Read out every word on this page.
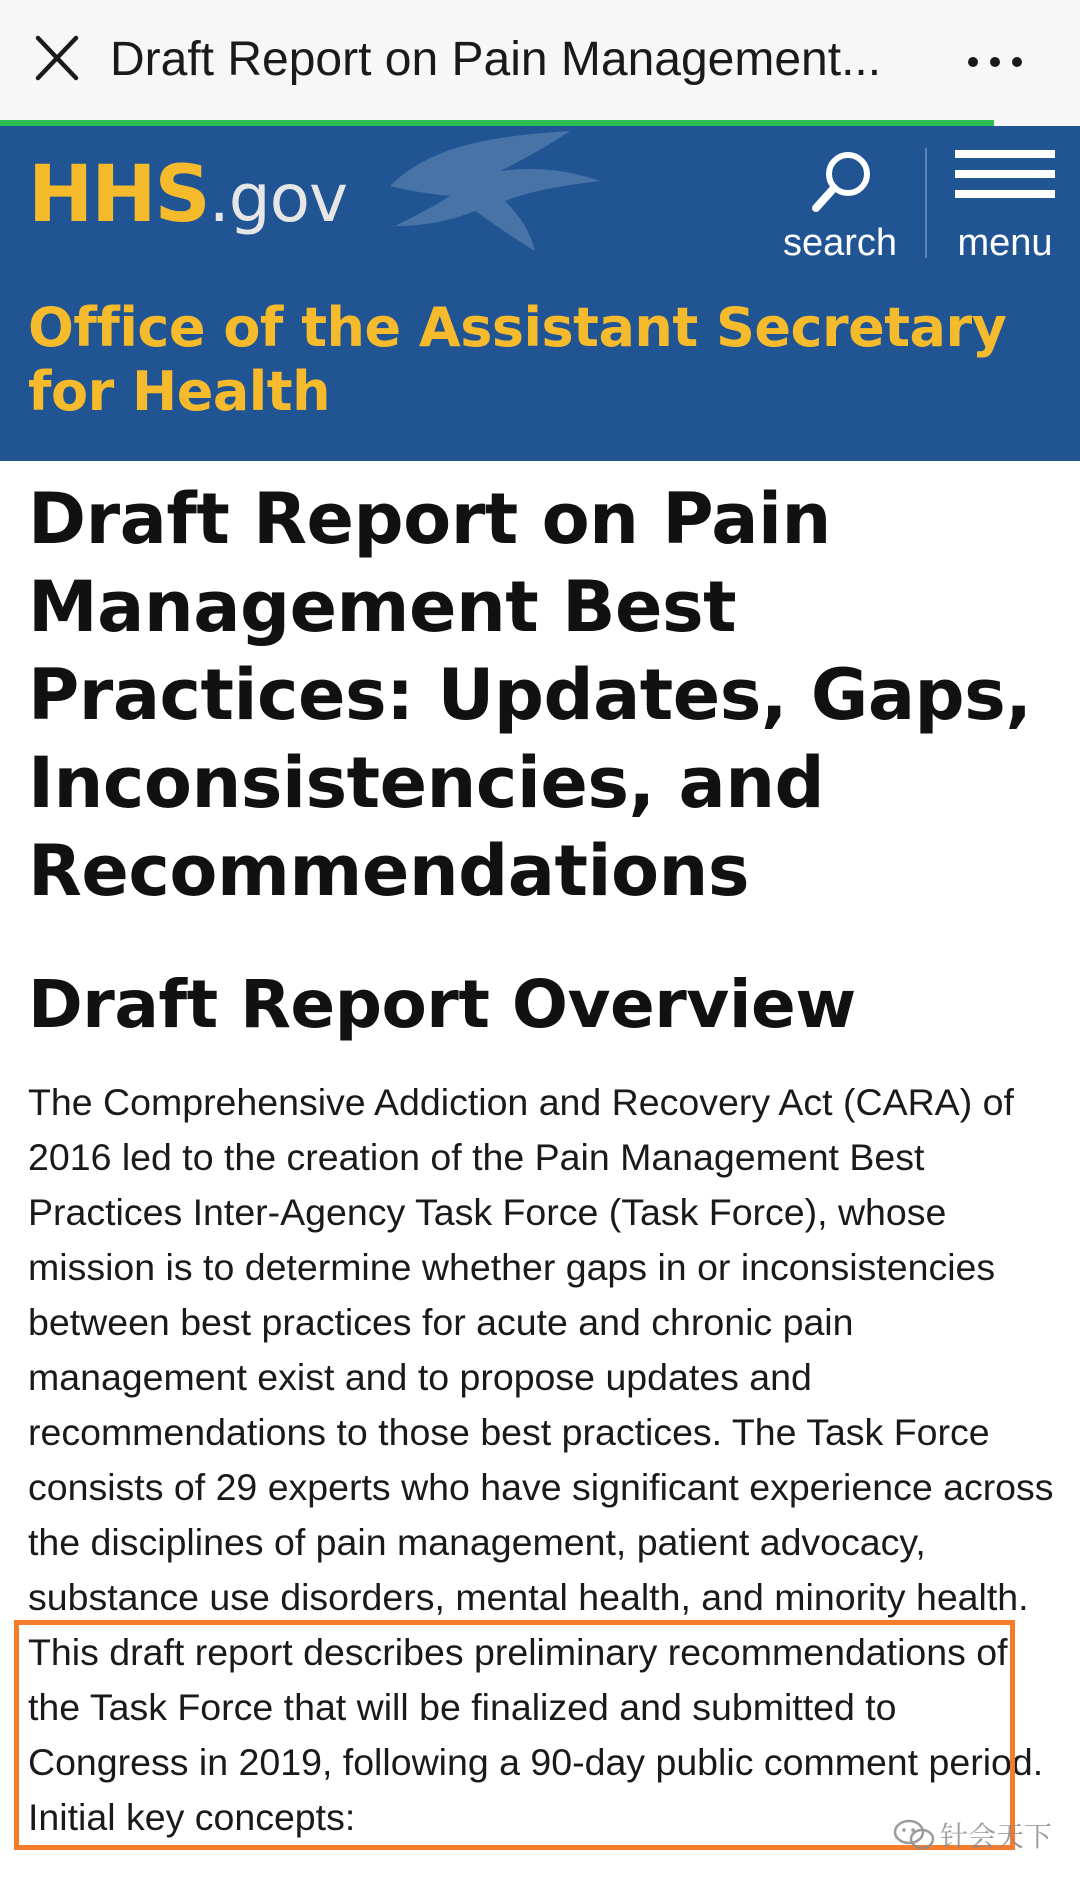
Draft Report on Pain Management...
HHS.gov
search	menu
Office of the Assistant Secretary for Health
Draft Report on Pain Management Best Practices: Updates, Gaps, Inconsistencies, and Recommendations
Draft Report Overview

The Comprehensive Addiction and Recovery Act (CARA) of 2016 led to the creation of the Pain Management Best Practices Inter-Agency Task Force (Task Force), whose mission is to determine whether gaps in or inconsistencies between best practices for acute and chronic pain management exist and to propose updates and recommendations to those best practices. The Task Force consists of 29 experts who have significant experience across the disciplines of pain management, patient advocacy, substance use disorders, mental health, and minority health. This draft report describes preliminary recommendations of the Task Force that will be finalized and submitted to Congress in 2019, following a 90-day public comment period. Initial key concepts:	针会天下
